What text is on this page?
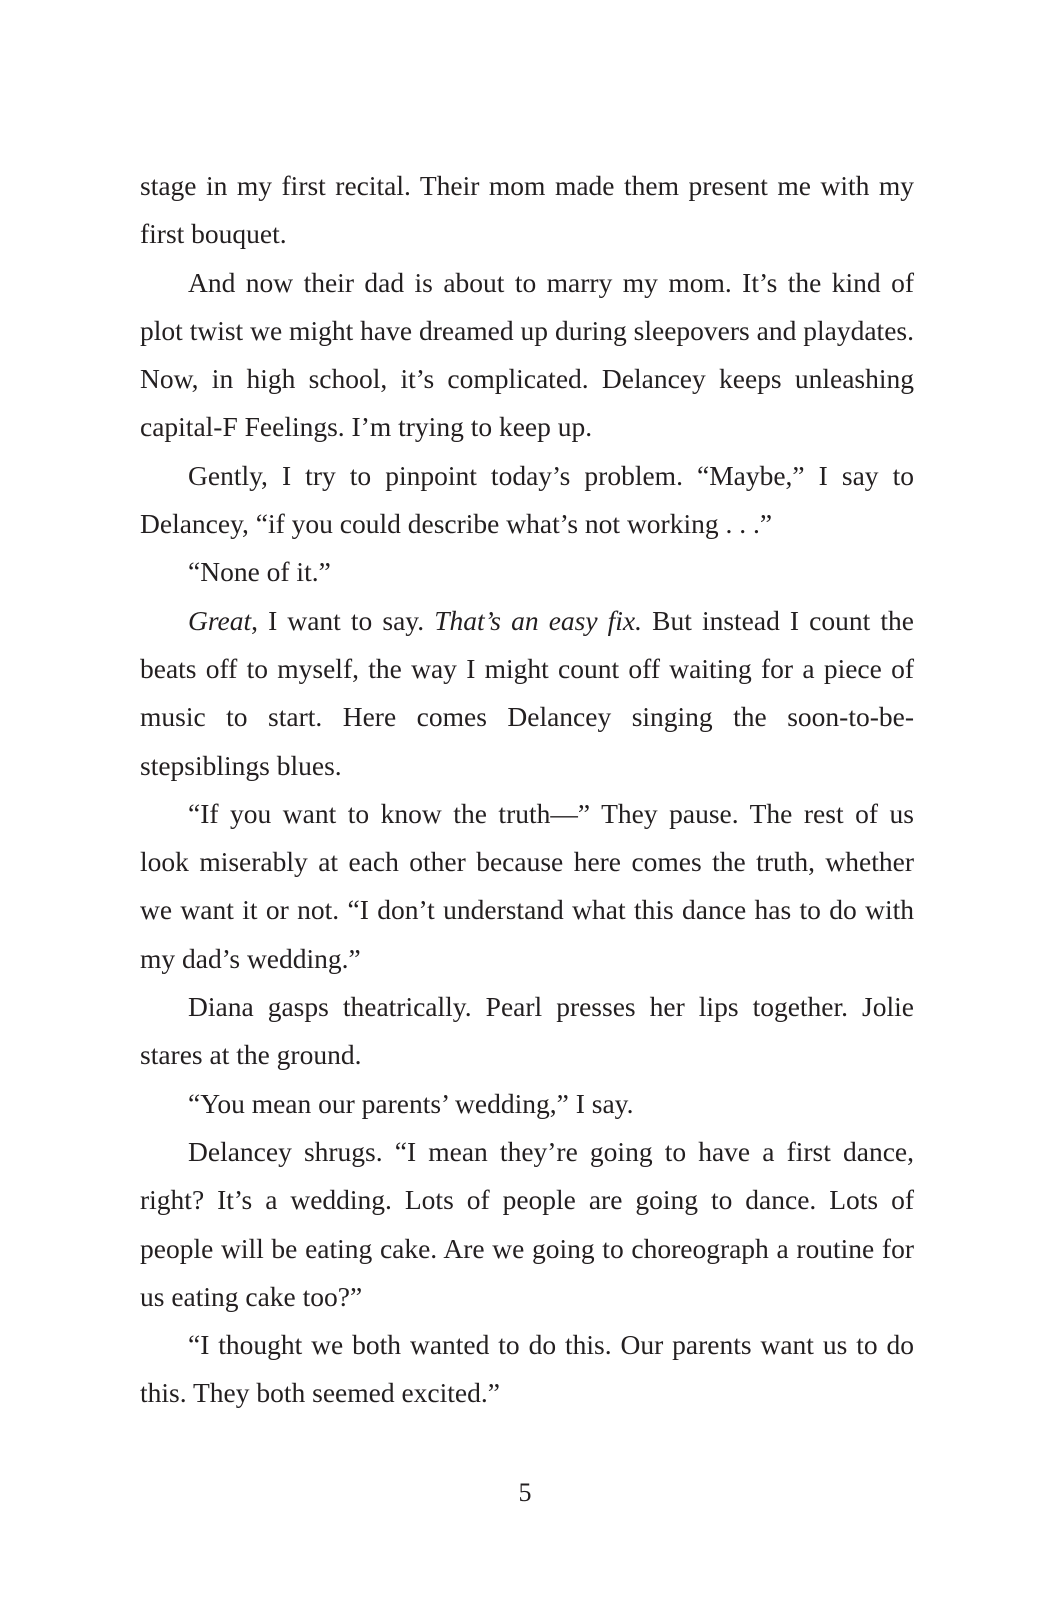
stage in my first recital. Their mom made them present me with my first bouquet.

And now their dad is about to marry my mom. It’s the kind of plot twist we might have dreamed up during sleepovers and playdates. Now, in high school, it’s complicated. Delancey keeps unleashing capital-F Feelings. I’m trying to keep up.

Gently, I try to pinpoint today’s problem. “Maybe,” I say to Delancey, “if you could describe what’s not working . . .”

“None of it.”

Great, I want to say. That’s an easy fix. But instead I count the beats off to myself, the way I might count off waiting for a piece of music to start. Here comes Delancey singing the soon-to-be-stepsiblings blues.

“If you want to know the truth—” They pause. The rest of us look miserably at each other because here comes the truth, whether we want it or not. “I don’t understand what this dance has to do with my dad’s wedding.”

Diana gasps theatrically. Pearl presses her lips together. Jolie stares at the ground.

“You mean our parents’ wedding,” I say.

Delancey shrugs. “I mean they’re going to have a first dance, right? It’s a wedding. Lots of people are going to dance. Lots of people will be eating cake. Are we going to choreograph a routine for us eating cake too?”

“I thought we both wanted to do this. Our parents want us to do this. They both seemed excited.”

5
